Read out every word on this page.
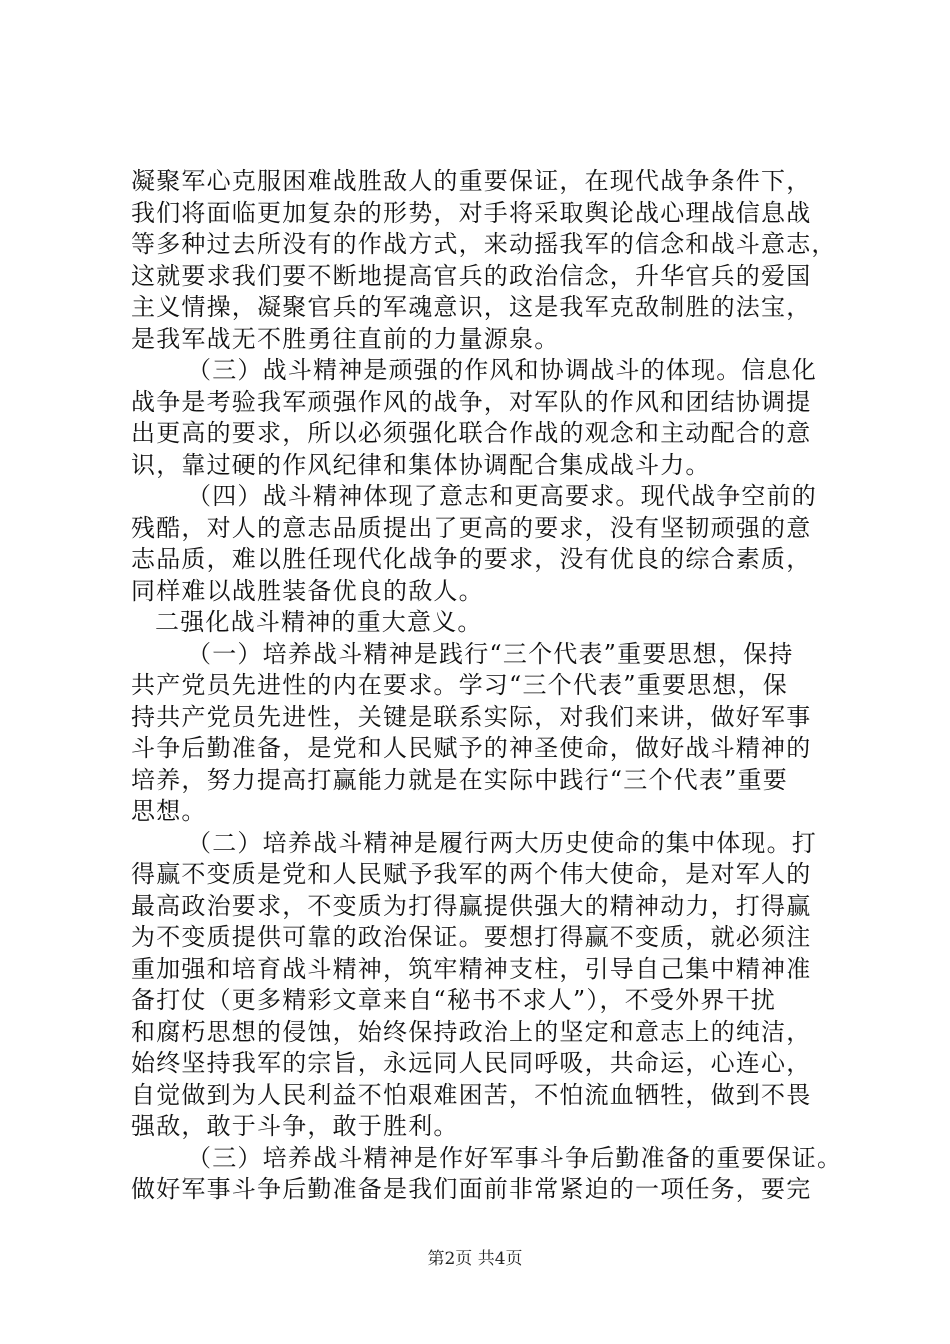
凝聚军心克服困难战胜敌人的重要保证，在现代战争条件下，
我们将面临更加复杂的形势，对手将采取舆论战心理战信息战
等多种过去所没有的作战方式，来动摇我军的信念和战斗意志，
这就要求我们要不断地提高官兵的政治信念，升华官兵的爱国
主义情操，凝聚官兵的军魂意识，这是我军克敌制胜的法宝，
是我军战无不胜勇往直前的力量源泉。
（三）战斗精神是顽强的作风和协调战斗的体现。信息化
战争是考验我军顽强作风的战争，对军队的作风和团结协调提
出更高的要求，所以必须强化联合作战的观念和主动配合的意
识，靠过硬的作风纪律和集体协调配合集成战斗力。
（四）战斗精神体现了意志和更高要求。现代战争空前的
残酷，对人的意志品质提出了更高的要求，没有坚韧顽强的意
志品质，难以胜任现代化战争的要求，没有优良的综合素质，
同样难以战胜装备优良的敌人。
二强化战斗精神的重大意义。
（一）培养战斗精神是践行“三个代表”重要思想，保持
共产党员先进性的内在要求。学习“三个代表”重要思想，保
持共产党员先进性，关键是联系实际，对我们来讲，做好军事
斗争后勤准备，是党和人民赋予的神圣使命，做好战斗精神的
培养，努力提高打赢能力就是在实际中践行“三个代表”重要
思想。
（二）培养战斗精神是履行两大历史使命的集中体现。打
得赢不变质是党和人民赋予我军的两个伟大使命，是对军人的
最高政治要求，不变质为打得赢提供强大的精神动力，打得赢
为不变质提供可靠的政治保证。要想打得赢不变质，就必须注
重加强和培育战斗精神，筑牢精神支柱，引导自己集中精神准
备打仗（更多精彩文章来自“秘书不求人”），不受外界干扰
和腐朽思想的侵蚀，始终保持政治上的坚定和意志上的纯洁，
始终坚持我军的宗旨，永远同人民同呼吸，共命运，心连心，
自觉做到为人民利益不怕艰难困苦，不怕流血牺牲，做到不畏
强敌，敢于斗争，敢于胜利。
（三）培养战斗精神是作好军事斗争后勤准备的重要保证。
做好军事斗争后勤准备是我们面前非常紧迫的一项任务，要完
第2页 共4页
